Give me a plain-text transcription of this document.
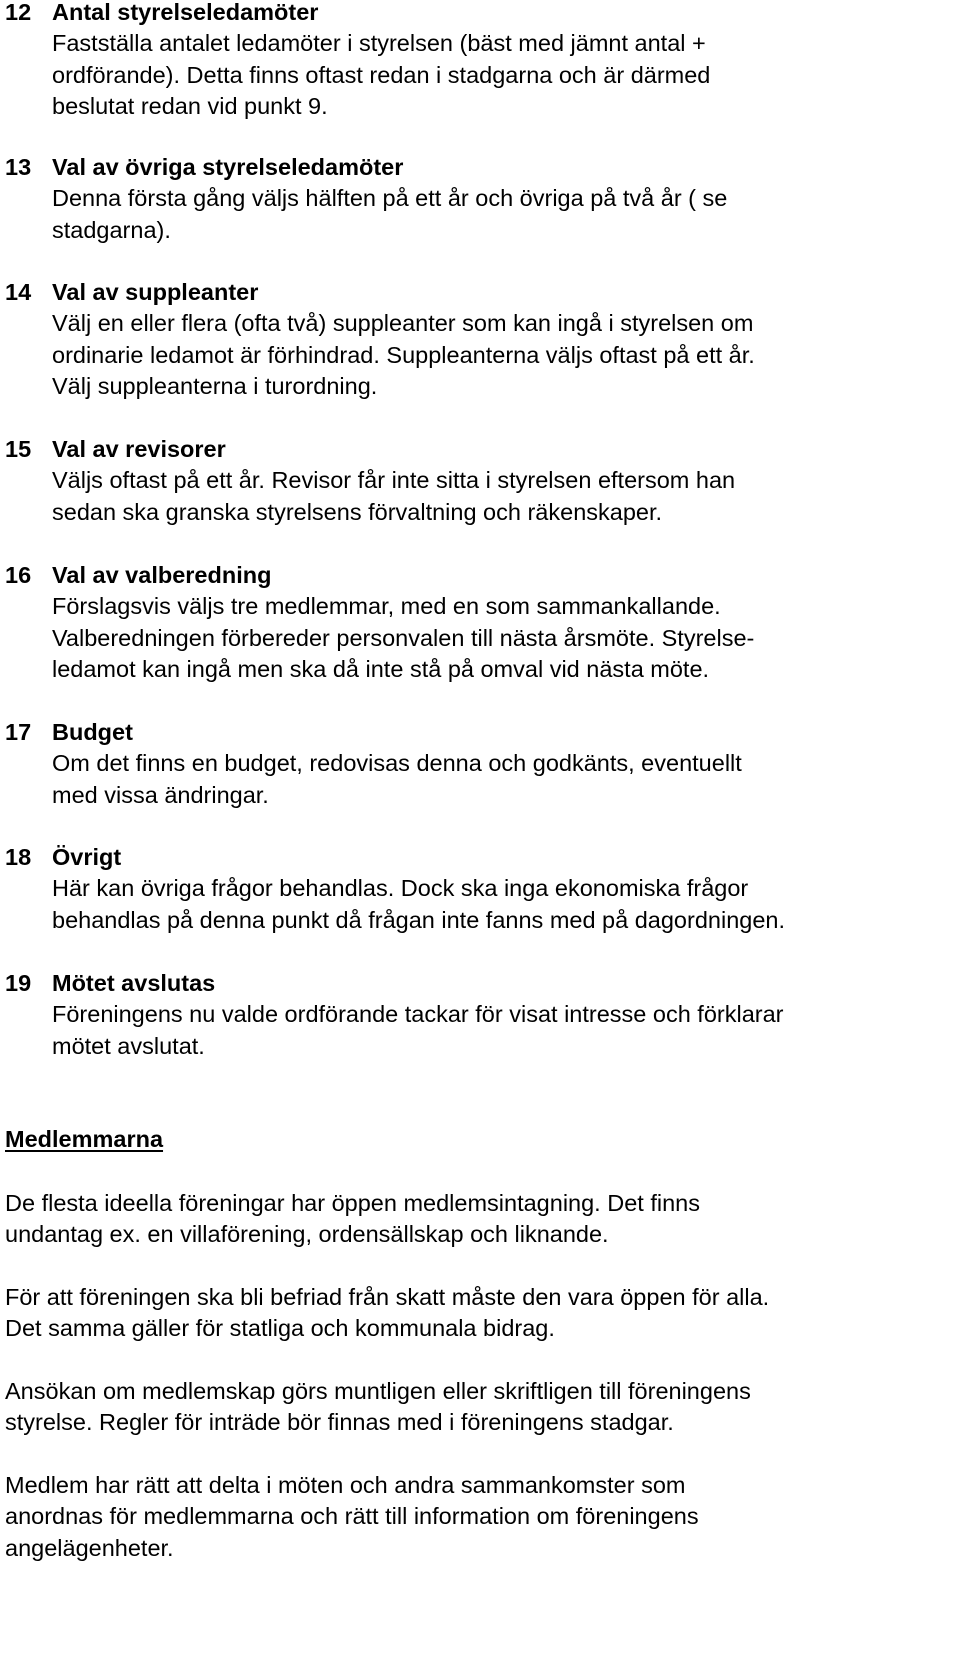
12 Antal styrelseledamöter
Fastställa antalet ledamöter i styrelsen (bäst med jämnt antal +
ordförande). Detta finns oftast redan i stadgarna och är därmed
beslutat redan vid punkt 9.
13 Val av övriga styrelseledamöter
Denna första gång väljs hälften på ett år och övriga på två år ( se
stadgarna).
14 Val av suppleanter
Välj en eller flera (ofta två) suppleanter som kan ingå i styrelsen om
ordinarie ledamot är förhindrad. Suppleanterna väljs oftast på ett år.
Välj suppleanterna i turordning.
15 Val av revisorer
Väljs oftast på ett år. Revisor får inte sitta i styrelsen eftersom han
sedan ska granska styrelsens förvaltning och räkenskaper.
16 Val av valberedning
Förslagsvis väljs tre medlemmar, med en som sammankallande.
Valberedningen förbereder personvalen till nästa årsmöte. Styrelse-
ledamot kan ingå men ska då inte stå på omval vid nästa möte.
17 Budget
Om det finns en budget, redovisas denna och godkänts, eventuellt
med vissa ändringar.
18 Övrigt
Här kan övriga frågor behandlas. Dock ska inga ekonomiska frågor
behandlas på denna punkt då frågan inte fanns med på dagordningen.
19 Mötet avslutas
Föreningens nu valde ordförande tackar för visat intresse och förklarar
mötet avslutat.
Medlemmarna
De flesta ideella föreningar har öppen medlemsintagning. Det finns
undantag ex. en villaförening, ordensällskap och liknande.
För att föreningen ska bli befriad från skatt måste den vara öppen för alla.
Det samma gäller för statliga och kommunala bidrag.
Ansökan om medlemskap görs muntligen eller skriftligen till föreningens
styrelse. Regler för inträde bör finnas med i föreningens stadgar.
Medlem har rätt att delta i möten och andra sammankomster som
anordnas för medlemmarna och rätt till information om föreningens
angelägenheter.
